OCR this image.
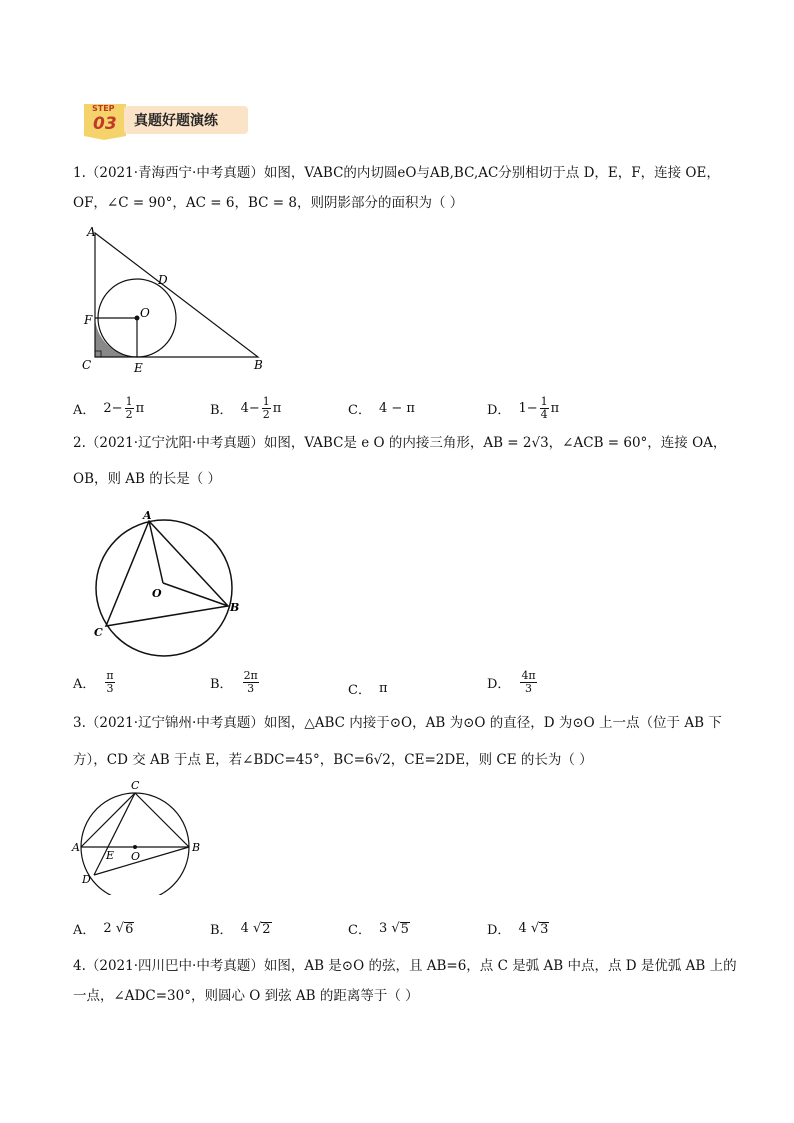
STEP
03 真题好题演练
1.（2021·青海西宁·中考真题）如图，VABC的内切圆eO与AB,BC,AC分别相切于点 D，E，F，连接 OE，
OF，∠C = 90°，AC = 6，BC = 8，则阴影部分的面积为（ ）
A
D
O
F
C	E	B
A． $2- \frac{1}{2}$ π	B． $4- \frac{1}{2}$ π	C． 4 − π	D． $1- \frac{1}{4}$ π
2.（2021·辽宁沈阳·中考真题）如图，VABC是 e O 的内接三角形，AB = 2√3，∠ACB = 60°，连接 OA，
OB，则 AB 的长是（ ）
A
O
B
C
A． $\frac{\pi}{3}$	B． $\frac{2\pi}{3}$	C． π	D． $\frac{4\pi}{3}$
3.（2021·辽宁锦州·中考真题）如图，△ABC 内接于⊙O，AB 为⊙O 的直径，D 为⊙O 上一点（位于 AB 下
方），CD 交 AB 于点 E，若∠BDC=45°，BC=6√2，CE=2DE，则 CE 的长为（ ）
A
C
B
E O
D
A． 2 √ 6	B． 4 √ 2	C． 3 √ 5	D． 4 √ 3
4.（2021·四川巴中·中考真题）如图，AB 是⊙O 的弦，且 AB=6，点 C 是弧 AB 中点，点 D 是优弧 AB 上的
一点，∠ADC=30°，则圆心 O 到弦 AB 的距离等于（ ）
